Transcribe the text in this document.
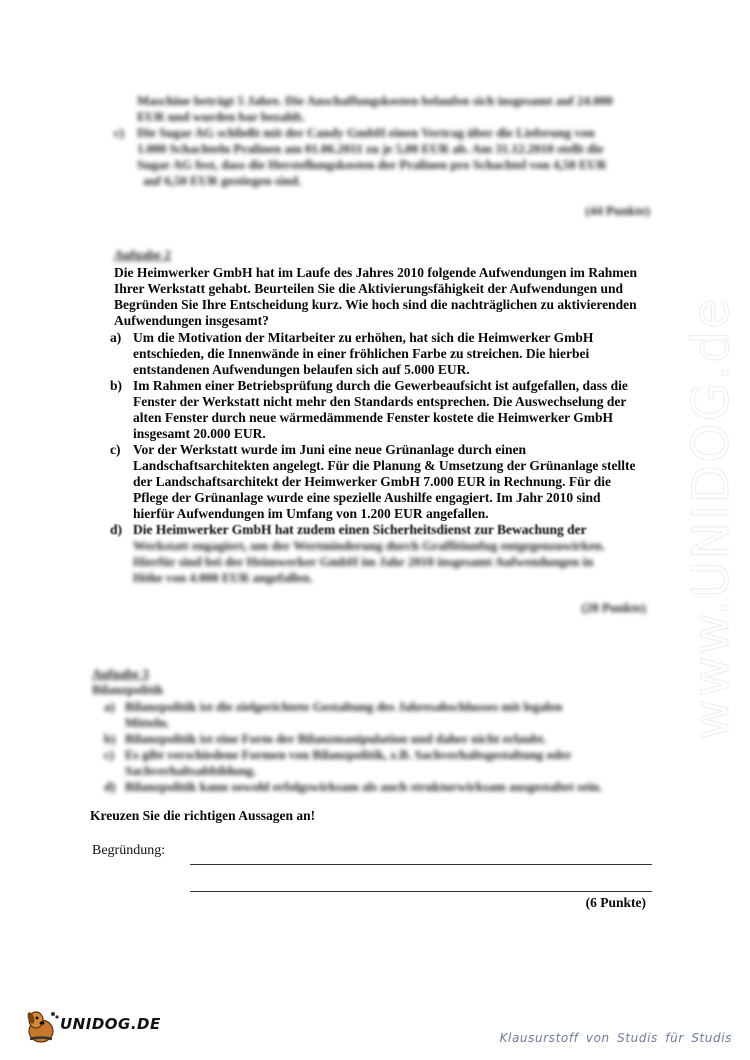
www.UNIDOG.de
Maschine beträgt 5 Jahre. Die Anschaffungskosten belaufen sich insgesamt auf 24.000
EUR und wurden bar bezahlt.
c) Die Sugar AG schließt mit der Candy GmbH einen Vertrag über die Lieferung von
1.000 Schachteln Pralinen am 01.06.2011 zu je 5,00 EUR ab. Am 31.12.2010 stellt die
Sugar AG fest, dass die Herstellungskosten der Pralinen pro Schachtel von 4,50 EUR
auf 6,50 EUR gestiegen sind.
(44 Punkte)
Aufgabe 2
Die Heimwerker GmbH hat im Laufe des Jahres 2010 folgende Aufwendungen im Rahmen
Ihrer Werkstatt gehabt. Beurteilen Sie die Aktivierungsfähigkeit der Aufwendungen und
Begründen Sie Ihre Entscheidung kurz. Wie hoch sind die nachträglichen zu aktivierenden
Aufwendungen insgesamt?
a) Um die Motivation der Mitarbeiter zu erhöhen, hat sich die Heimwerker GmbH
entschieden, die Innenwände in einer fröhlichen Farbe zu streichen. Die hierbei
entstandenen Aufwendungen belaufen sich auf 5.000 EUR.
b) Im Rahmen einer Betriebsprüfung durch die Gewerbeaufsicht ist aufgefallen, dass die
Fenster der Werkstatt nicht mehr den Standards entsprechen. Die Auswechselung der
alten Fenster durch neue wärmedämmende Fenster kostete die Heimwerker GmbH
insgesamt 20.000 EUR.
c) Vor der Werkstatt wurde im Juni eine neue Grünanlage durch einen
Landschaftsarchitekten angelegt. Für die Planung & Umsetzung der Grünanlage stellte
der Landschaftsarchitekt der Heimwerker GmbH 7.000 EUR in Rechnung. Für die
Pflege der Grünanlage wurde eine spezielle Aushilfe engagiert. Im Jahr 2010 sind
hierfür Aufwendungen im Umfang von 1.200 EUR angefallen.
d) Die Heimwerker GmbH hat zudem einen Sicherheitsdienst zur Bewachung der
Werkstatt engagiert, um der Wertminderung durch Graffitiunfug entgegenzuwirken.
Hierfür sind bei der Heimwerker GmbH im Jahr 2010 insgesamt Aufwendungen in
Höhe von 4.000 EUR angefallen.
(28 Punkte)
Aufgabe 3
Bilanzpolitik
a) Bilanzpolitik ist die zielgerichtete Gestaltung des Jahresabschlusses mit legalen
Mitteln.
b) Bilanzpolitik ist eine Form der Bilanzmanipulation und daher nicht erlaubt.
c) Es gibt verschiedene Formen von Bilanzpolitik, z.B. Sachverhaltsgestaltung oder
Sachverhaltsabbildung.
d) Bilanzpolitik kann sowohl erfolgswirksam als auch strukturwirksam ausgestaltet sein.
Kreuzen Sie die richtigen Aussagen an!
Begründung:
(6 Punkte)
UNIDOG.DE
Klausurstoff von Studis für Studis
